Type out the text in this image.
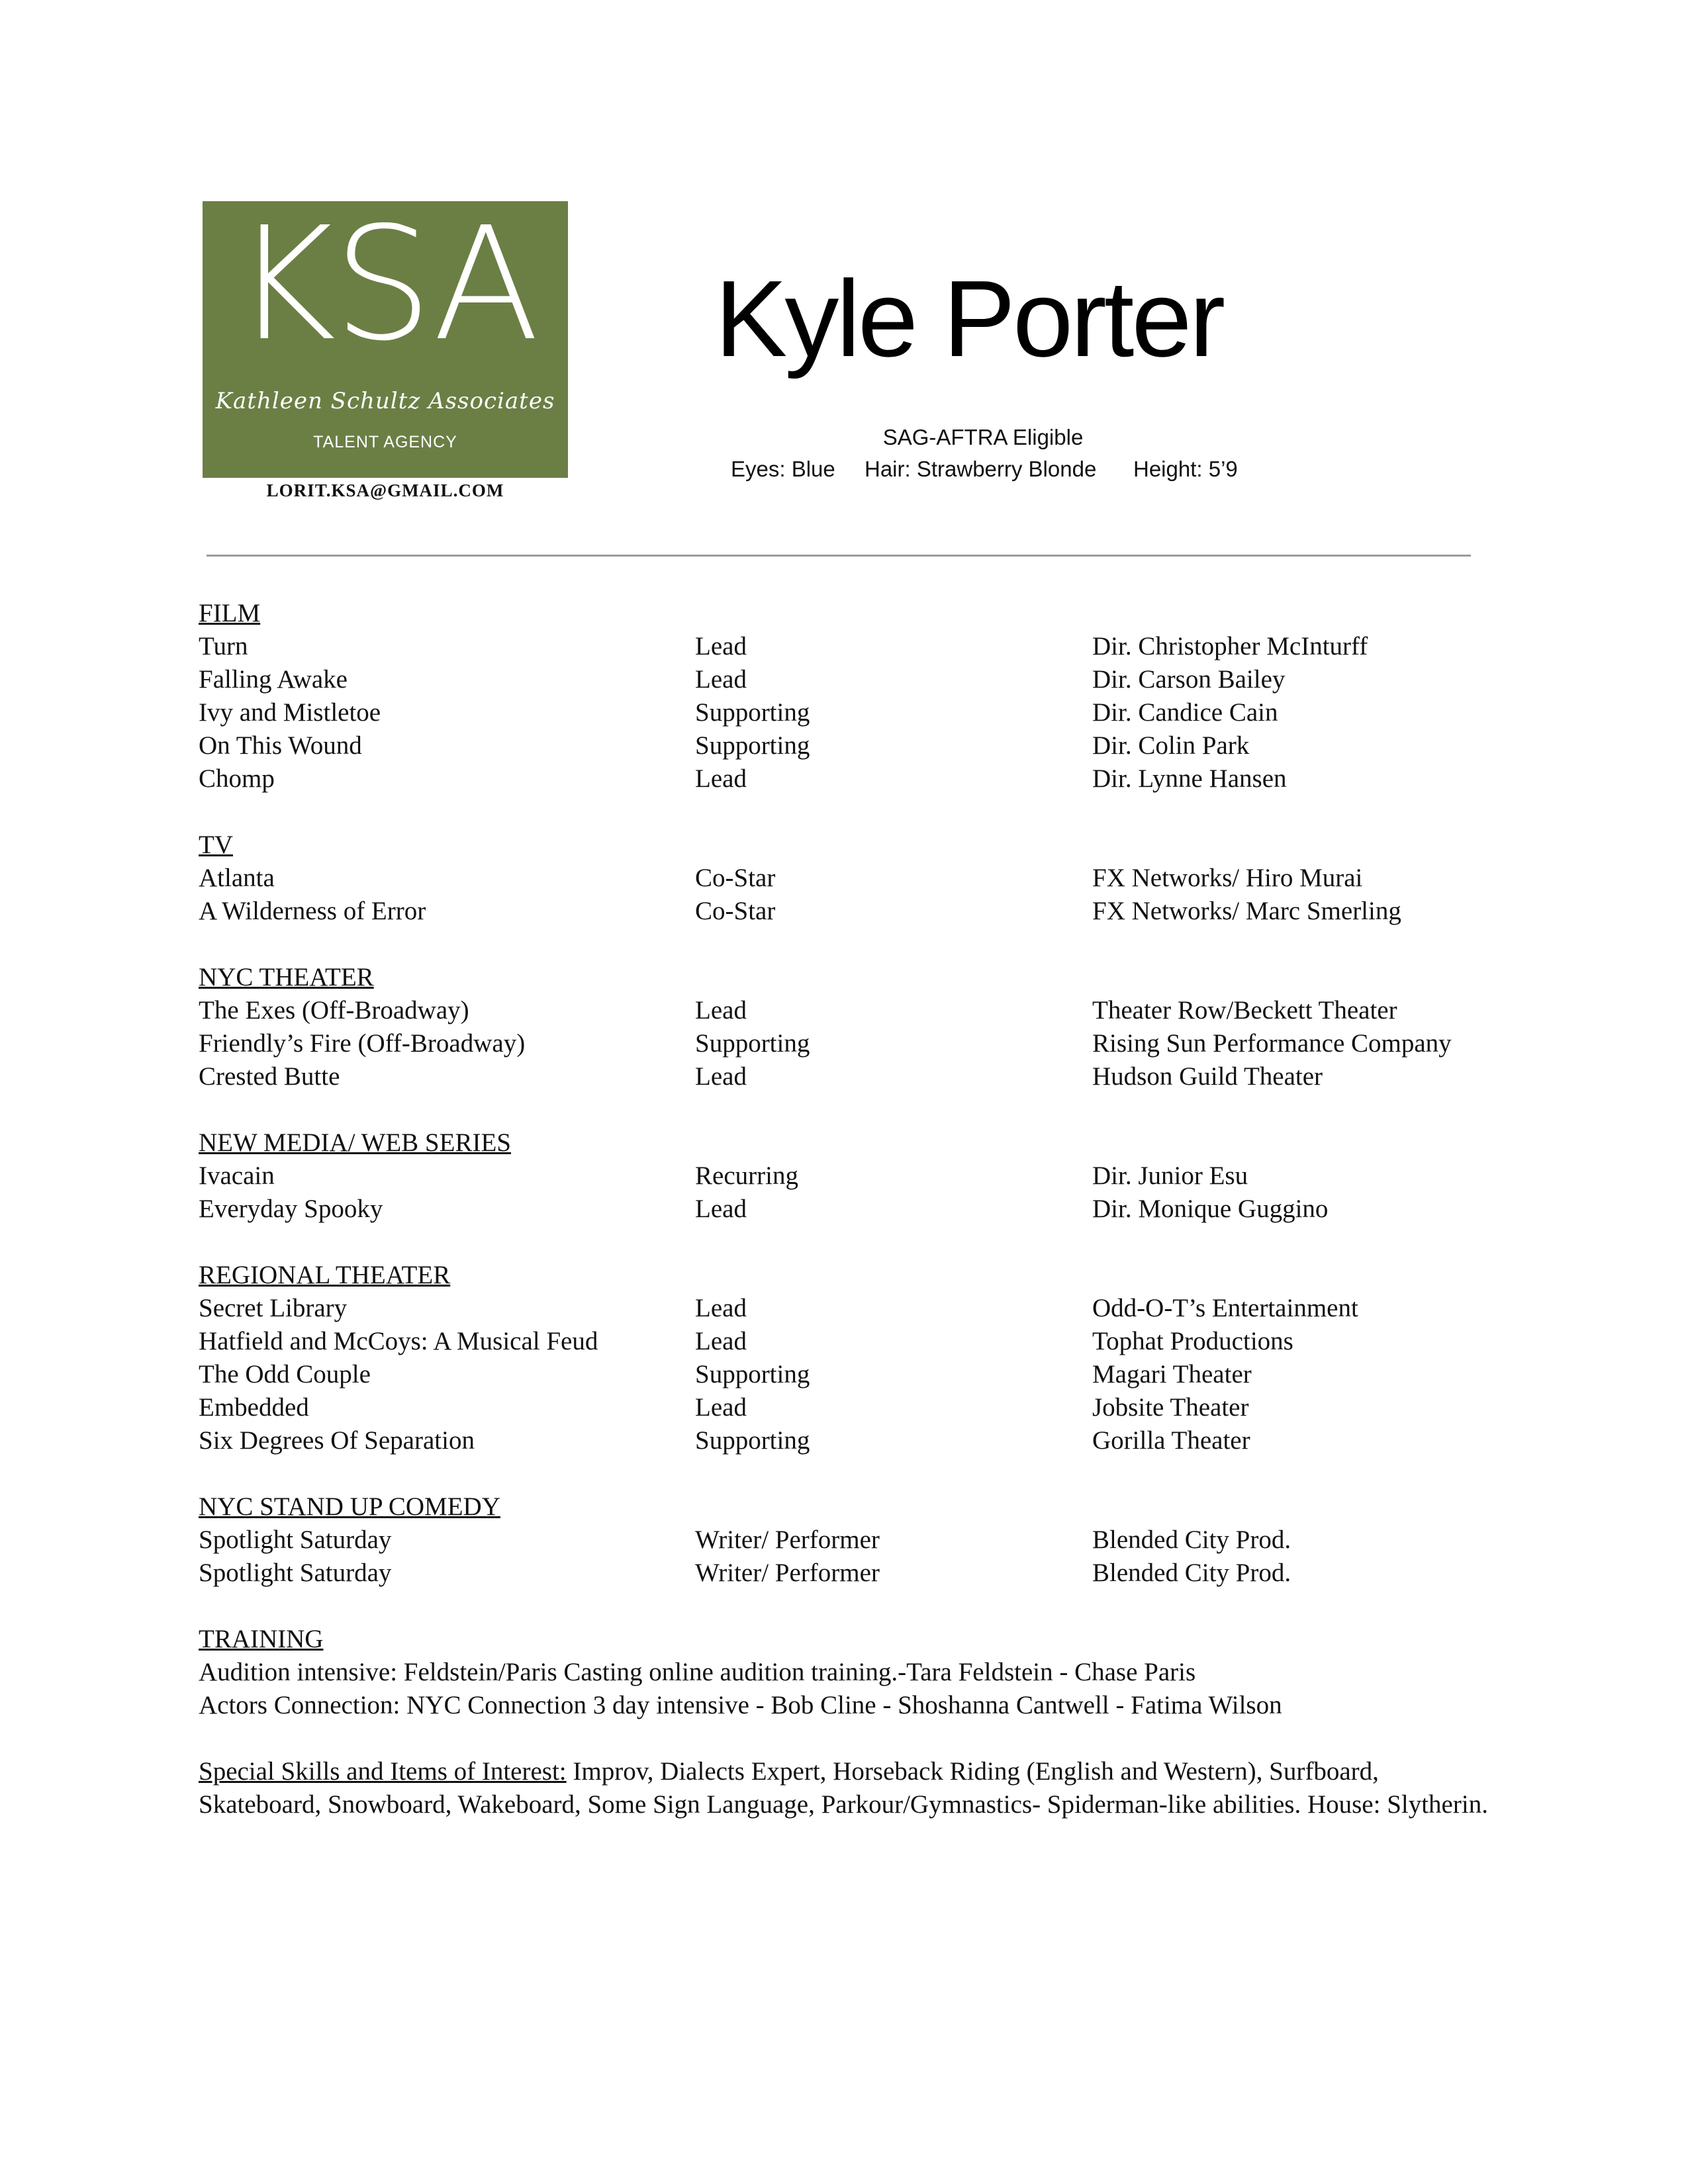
KSA
Kathleen Schultz Associates
TALENT AGENCY
LORIT.KSA@GMAIL.COM
Kyle Porter
SAG-AFTRA Eligible
Eyes: Blue Hair: Strawberry Blonde Height: 5’9
FILM
Turn	Lead	Dir. Christopher McInturff
Falling Awake	Lead	Dir. Carson Bailey
Ivy and Mistletoe	Supporting	Dir. Candice Cain
On This Wound	Supporting	Dir. Colin Park
Chomp	Lead	Dir. Lynne Hansen
TV
Atlanta	Co-Star	FX Networks/ Hiro Murai
A Wilderness of Error	Co-Star	FX Networks/ Marc Smerling
NYC THEATER
The Exes (Off-Broadway)	Lead	Theater Row/Beckett Theater
Friendly’s Fire (Off-Broadway)	Supporting	Rising Sun Performance Company
Crested Butte	Lead	Hudson Guild Theater
NEW MEDIA/ WEB SERIES
Ivacain	Recurring	Dir. Junior Esu
Everyday Spooky	Lead	Dir. Monique Guggino
REGIONAL THEATER
Secret Library	Lead	Odd-O-T’s Entertainment
Hatfield and McCoys: A Musical Feud	Lead	Tophat Productions
The Odd Couple	Supporting	Magari Theater
Embedded	Lead	Jobsite Theater
Six Degrees Of Separation	Supporting	Gorilla Theater
NYC STAND UP COMEDY
Spotlight Saturday	Writer/ Performer	Blended City Prod.
Spotlight Saturday	Writer/ Performer	Blended City Prod.
TRAINING
Audition intensive: Feldstein/Paris Casting online audition training.-Tara Feldstein - Chase Paris
Actors Connection: NYC Connection 3 day intensive - Bob Cline - Shoshanna Cantwell - Fatima Wilson

Special Skills and Items of Interest: Improv, Dialects Expert, Horseback Riding (English and Western), Surfboard, Skateboard, Snowboard, Wakeboard, Some Sign Language, Parkour/Gymnastics- Spiderman-like abilities. House: Slytherin.
